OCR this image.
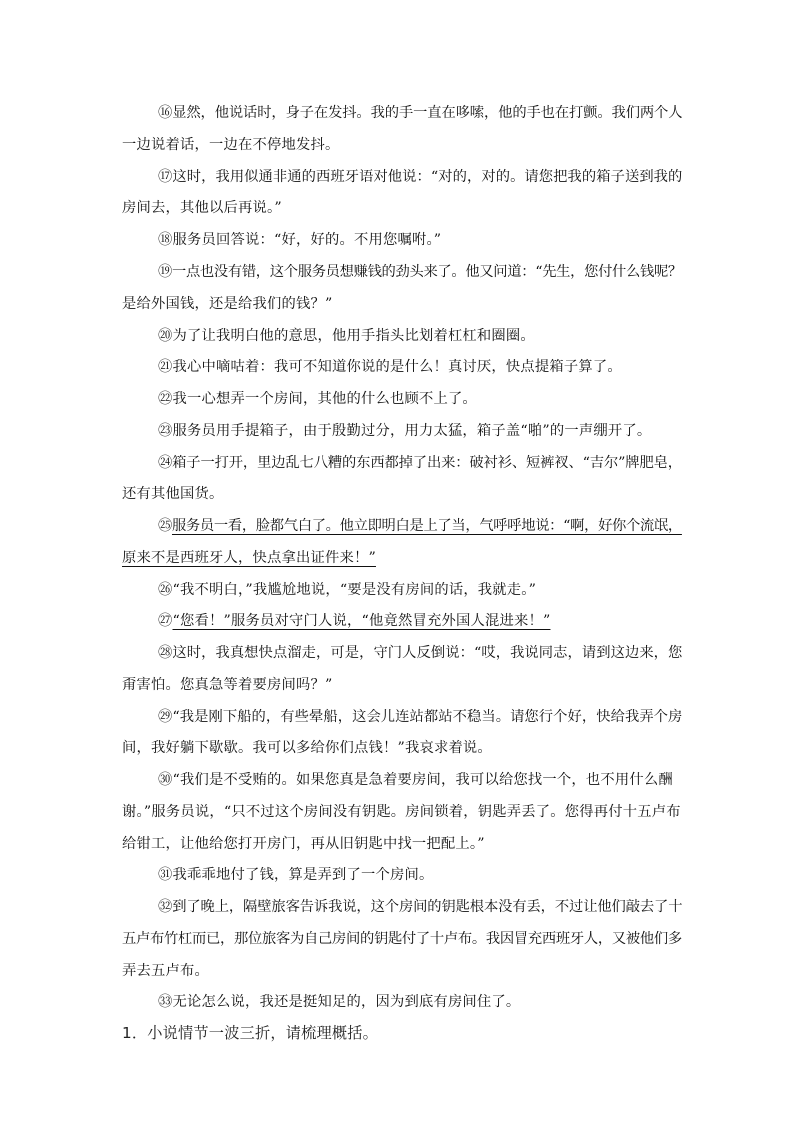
⑯显然，他说话时，身子在发抖。我的手一直在哆嗦，他的手也在打颤。我们两个人
一边说着话，一边在不停地发抖。
⑰这时，我用似通非通的西班牙语对他说：“对的，对的。请您把我的箱子送到我的
房间去，其他以后再说。”
⑱服务员回答说：“好，好的。不用您嘱咐。”
⑲一点也没有错，这个服务员想赚钱的劲头来了。他又问道：“先生，您付什么钱呢？
是给外国钱，还是给我们的钱？”
⑳为了让我明白他的意思，他用手指头比划着杠杠和圈圈。
㉑我心中嘀咕着：我可不知道你说的是什么！真讨厌，快点提箱子算了。
㉒我一心想弄一个房间，其他的什么也顾不上了。
㉓服务员用手提箱子，由于殷勤过分，用力太猛，箱子盖“啪”的一声绷开了。
㉔箱子一打开，里边乱七八糟的东西都掉了出来：破衬衫、短裤衩、“吉尔”牌肥皂，
还有其他国货。
㉕服务员一看，脸都气白了。他立即明白是上了当，气呼呼地说：“啊，好你个流氓，
原来不是西班牙人，快点拿出证件来！”
㉖“我不明白，”我尴尬地说，“要是没有房间的话，我就走。”
㉗“您看！”服务员对守门人说，“他竟然冒充外国人混进来！”
㉘这时，我真想快点溜走，可是，守门人反倒说：“哎，我说同志，请到这边来，您
甭害怕。您真急等着要房间吗？”
㉙“我是刚下船的，有些晕船，这会儿连站都站不稳当。请您行个好，快给我弄个房
间，我好躺下歇歇。我可以多给你们点钱！”我哀求着说。
㉚“我们是不受贿的。如果您真是急着要房间，我可以给您找一个，也不用什么酬
谢。”服务员说，“只不过这个房间没有钥匙。房间锁着，钥匙弄丢了。您得再付十五卢布
给钳工，让他给您打开房门，再从旧钥匙中找一把配上。”
㉛我乖乖地付了钱，算是弄到了一个房间。
㉜到了晚上，隔壁旅客告诉我说，这个房间的钥匙根本没有丢，不过让他们敲去了十
五卢布竹杠而已，那位旅客为自己房间的钥匙付了十卢布。我因冒充西班牙人，又被他们多
弄去五卢布。
㉝无论怎么说，我还是挺知足的，因为到底有房间住了。
1．小说情节一波三折，请梳理概括。
